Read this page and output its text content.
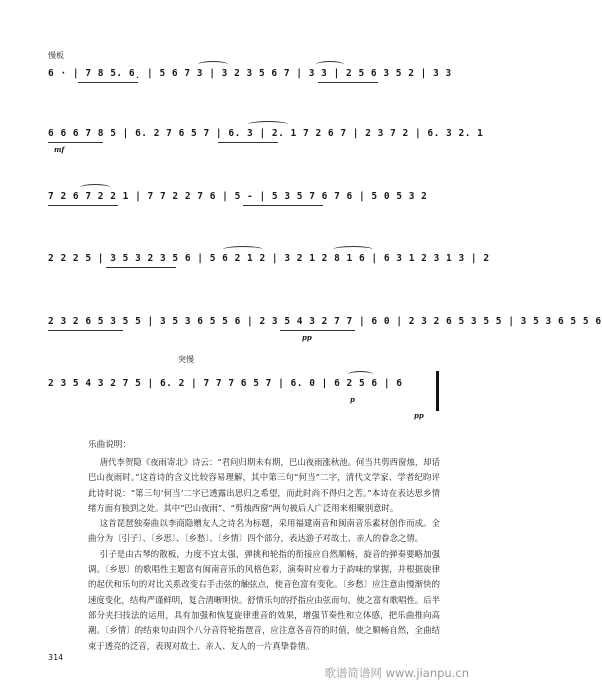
慢板
6 · | 7 8 5. 6̣ | 5 6 7 3 | 3 2 3 5 6 7 | 3 3 | 2 5 6 3 5 2 | 3 3
6 6 6 7 8 5 | 6. 2 7 6 5 7 | 6. 3 | 2. 1 7 2 6 7 | 2 3 7 2 | 6. 3 2. 1
mf
7 2 6 7 2 2 1 | 7 7 2 2 7 6 | 5 - | 5 3 5 7 6 7 6 | 5 0 5 3 2
2 2 2 5 | 3 5 3 2 3 5 6 | 5 6 2 1 2 | 3 2 1 2 8 1 6 | 6 3 1 2 3 1 3 | 2
2 3 2 6 5 3 5 5 | 3 5 3 6 5 5 6 | 2 3 5 4 3 2 7 7 | 6 0 | 2 3 2 6 5 3 5 5 | 3 5 3 6 5 5 6
pp
突慢
2 3 5 4 3 2 7 5 | 6. 2 | 7 7 7 6 5 7 | 6. 0 | 6 2 5 6 | 6
p
pp
乐曲说明：

唐代李贺隐《夜雨寄北》诗云：“君问归期未有期，巴山夜雨涨秋池。何当共剪西窗烛，却话巴山夜雨时。”这首诗的含义比较容易理解，其中第三句“何当”二字，清代文学家、学者纪昀评此诗时说：“第三句‘何当’二字已透露出思归之希望，而此时尚不得归之苦。”本诗在表达思乡情绪方面有独到之处。其中“巴山夜雨”、“剪烛西窗”两句被后人广泛用来相聚别意时。

这首琵琶独奏曲以李商隐赠友人之诗名为标题，采用福建南音和闽南音乐素材创作而成。全曲分为〔引子〕、〔乡思〕、〔乡愁〕、〔乡情〕四个部分，表达游子对故土、亲人的眷念之情。

引子是由古琴的散板，力度不宜太强，弹挑和轮指的衔接应自然顺畅，旋音的弹奏要略加强调。〔乡思〕的歌唱性主题富有闽南音乐的风格色彩，演奏时应着力于韵味的掌握，并根据旋律的起伏和乐句的对比关系改变右手击弦的触弦点，使音色富有变化。〔乡愁〕应注意由慢渐快的速度变化，结构严谨鲜明，复合清晰明快。舒情乐句的抒指应由弦而句，使之富有歌唱性。后半部分夹扫技法的运用，具有加强和恢复旋律重音的效果，增强节奏性和立体感，把乐曲推向高潮。〔乡情〕的结束句由四个八分音符轮指琶音，应注意各音符的时值，使之顺畅自然，全曲结束于透亮的泛音，表现对故土、亲人、友人的一片真挚眷情。

314
歌谱简谱网 www.jianpu.cn
